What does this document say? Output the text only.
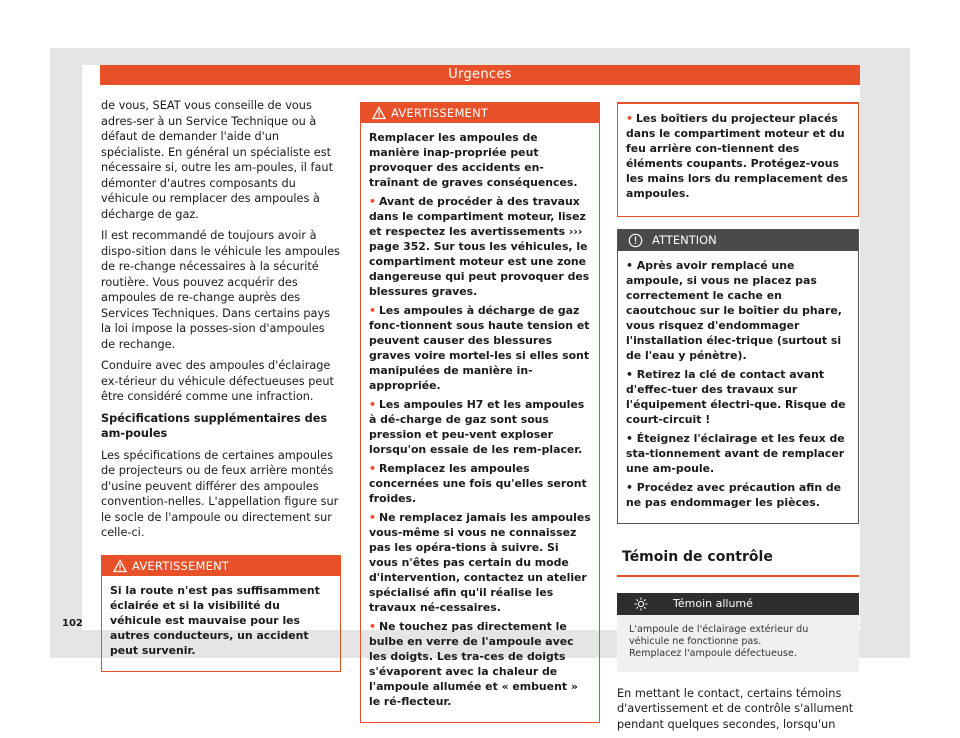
Urgences

de vous, SEAT vous conseille de vous adres-ser à un Service Technique ou à défaut de demander l'aide d'un spécialiste. En général un spécialiste est nécessaire si, outre les am-poules, il faut démonter d'autres composants du véhicule ou remplacer des ampoules à décharge de gaz.

Il est recommandé de toujours avoir à dispo-sition dans le véhicule les ampoules de re-change nécessaires à la sécurité routière. Vous pouvez acquérir des ampoules de re-change auprès des Services Techniques. Dans certains pays la loi impose la posses-sion d'ampoules de rechange.

Conduire avec des ampoules d'éclairage ex-térieur du véhicule défectueuses peut être considéré comme une infraction.

Spécifications supplémentaires des am-poules

Les spécifications de certaines ampoules de projecteurs ou de feux arrière montés d'usine peuvent différer des ampoules convention-nelles. L'appellation figure sur le socle de l'ampoule ou directement sur celle-ci.

AVERTISSEMENT

Si la route n'est pas suffisamment éclairée et si la visibilité du véhicule est mauvaise pour les autres conducteurs, un accident peut survenir.

AVERTISSEMENT

Remplacer les ampoules de manière inap-propriée peut provoquer des accidents en-traînant de graves conséquences.

• Avant de procéder à des travaux dans le compartiment moteur, lisez et respectez les avertissements ››› page 352. Sur tous les véhicules, le compartiment moteur est une zone dangereuse qui peut provoquer des blessures graves.

• Les ampoules à décharge de gaz fonc-tionnent sous haute tension et peuvent causer des blessures graves voire mortel-les si elles sont manipulées de manière in-appropriée.

• Les ampoules H7 et les ampoules à dé-charge de gaz sont sous pression et peu-vent exploser lorsqu'on essaie de les rem-placer.

• Remplacez les ampoules concernées une fois qu'elles seront froides.

• Ne remplacez jamais les ampoules vous-même si vous ne connaissez pas les opéra-tions à suivre. Si vous n'êtes pas certain du mode d'intervention, contactez un atelier spécialisé afin qu'il réalise les travaux né-cessaires.

• Ne touchez pas directement le bulbe en verre de l'ampoule avec les doigts. Les tra-ces de doigts s'évaporent avec la chaleur de l'ampoule allumée et « embuent » le ré-flecteur.

• Les boîtiers du projecteur placés dans le compartiment moteur et du feu arrière con-tiennent des éléments coupants. Protégez-vous les mains lors du remplacement des ampoules.

ATTENTION

• Après avoir remplacé une ampoule, si vous ne placez pas correctement le cache en caoutchouc sur le boîtier du phare, vous risquez d'endommager l'installation élec-trique (surtout si de l'eau y pénètre).

• Retirez la clé de contact avant d'effec-tuer des travaux sur l'équipement électri-que. Risque de court-circuit !

• Éteignez l'éclairage et les feux de sta-tionnement avant de remplacer une am-poule.

• Procédez avec précaution afin de ne pas endommager les pièces.

Témoin de contrôle
Témoin allumé
L'ampoule de l'éclairage extérieur du véhicule ne fonctionne pas.
Remplacez l'ampoule défectueuse.

En mettant le contact, certains témoins d'avertissement et de contrôle s'allument pendant quelques secondes, lorsqu'un

102
